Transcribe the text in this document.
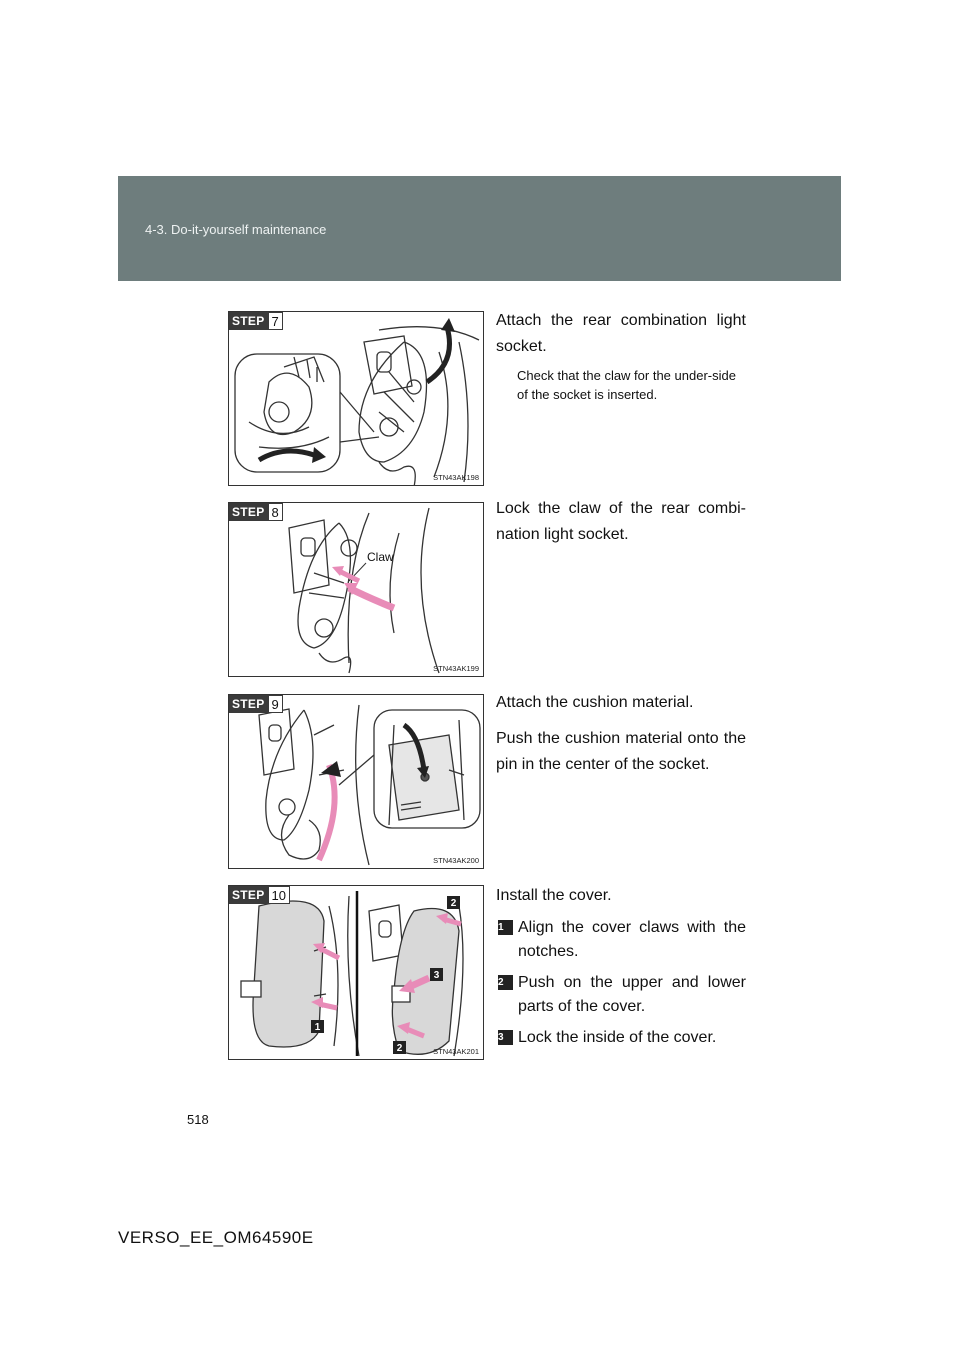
4-3. Do-it-yourself maintenance
STEP 7
STN43AK198
Attach the rear combination light socket.
Check that the claw for the under-side of the socket is inserted.
STEP 8
Claw
STN43AK199
Lock the claw of the rear combi-nation light socket.
STEP 9
STN43AK200
Attach the cushion material.
Push the cushion material onto the pin in the center of the socket.
STEP 10
1
2
3
2	STN43AK201
Install the cover.
1 Align the cover claws with the notches.
2 Push on the upper and lower parts of the cover.
3 Lock the inside of the cover.
518
VERSO_EE_OM64590E
